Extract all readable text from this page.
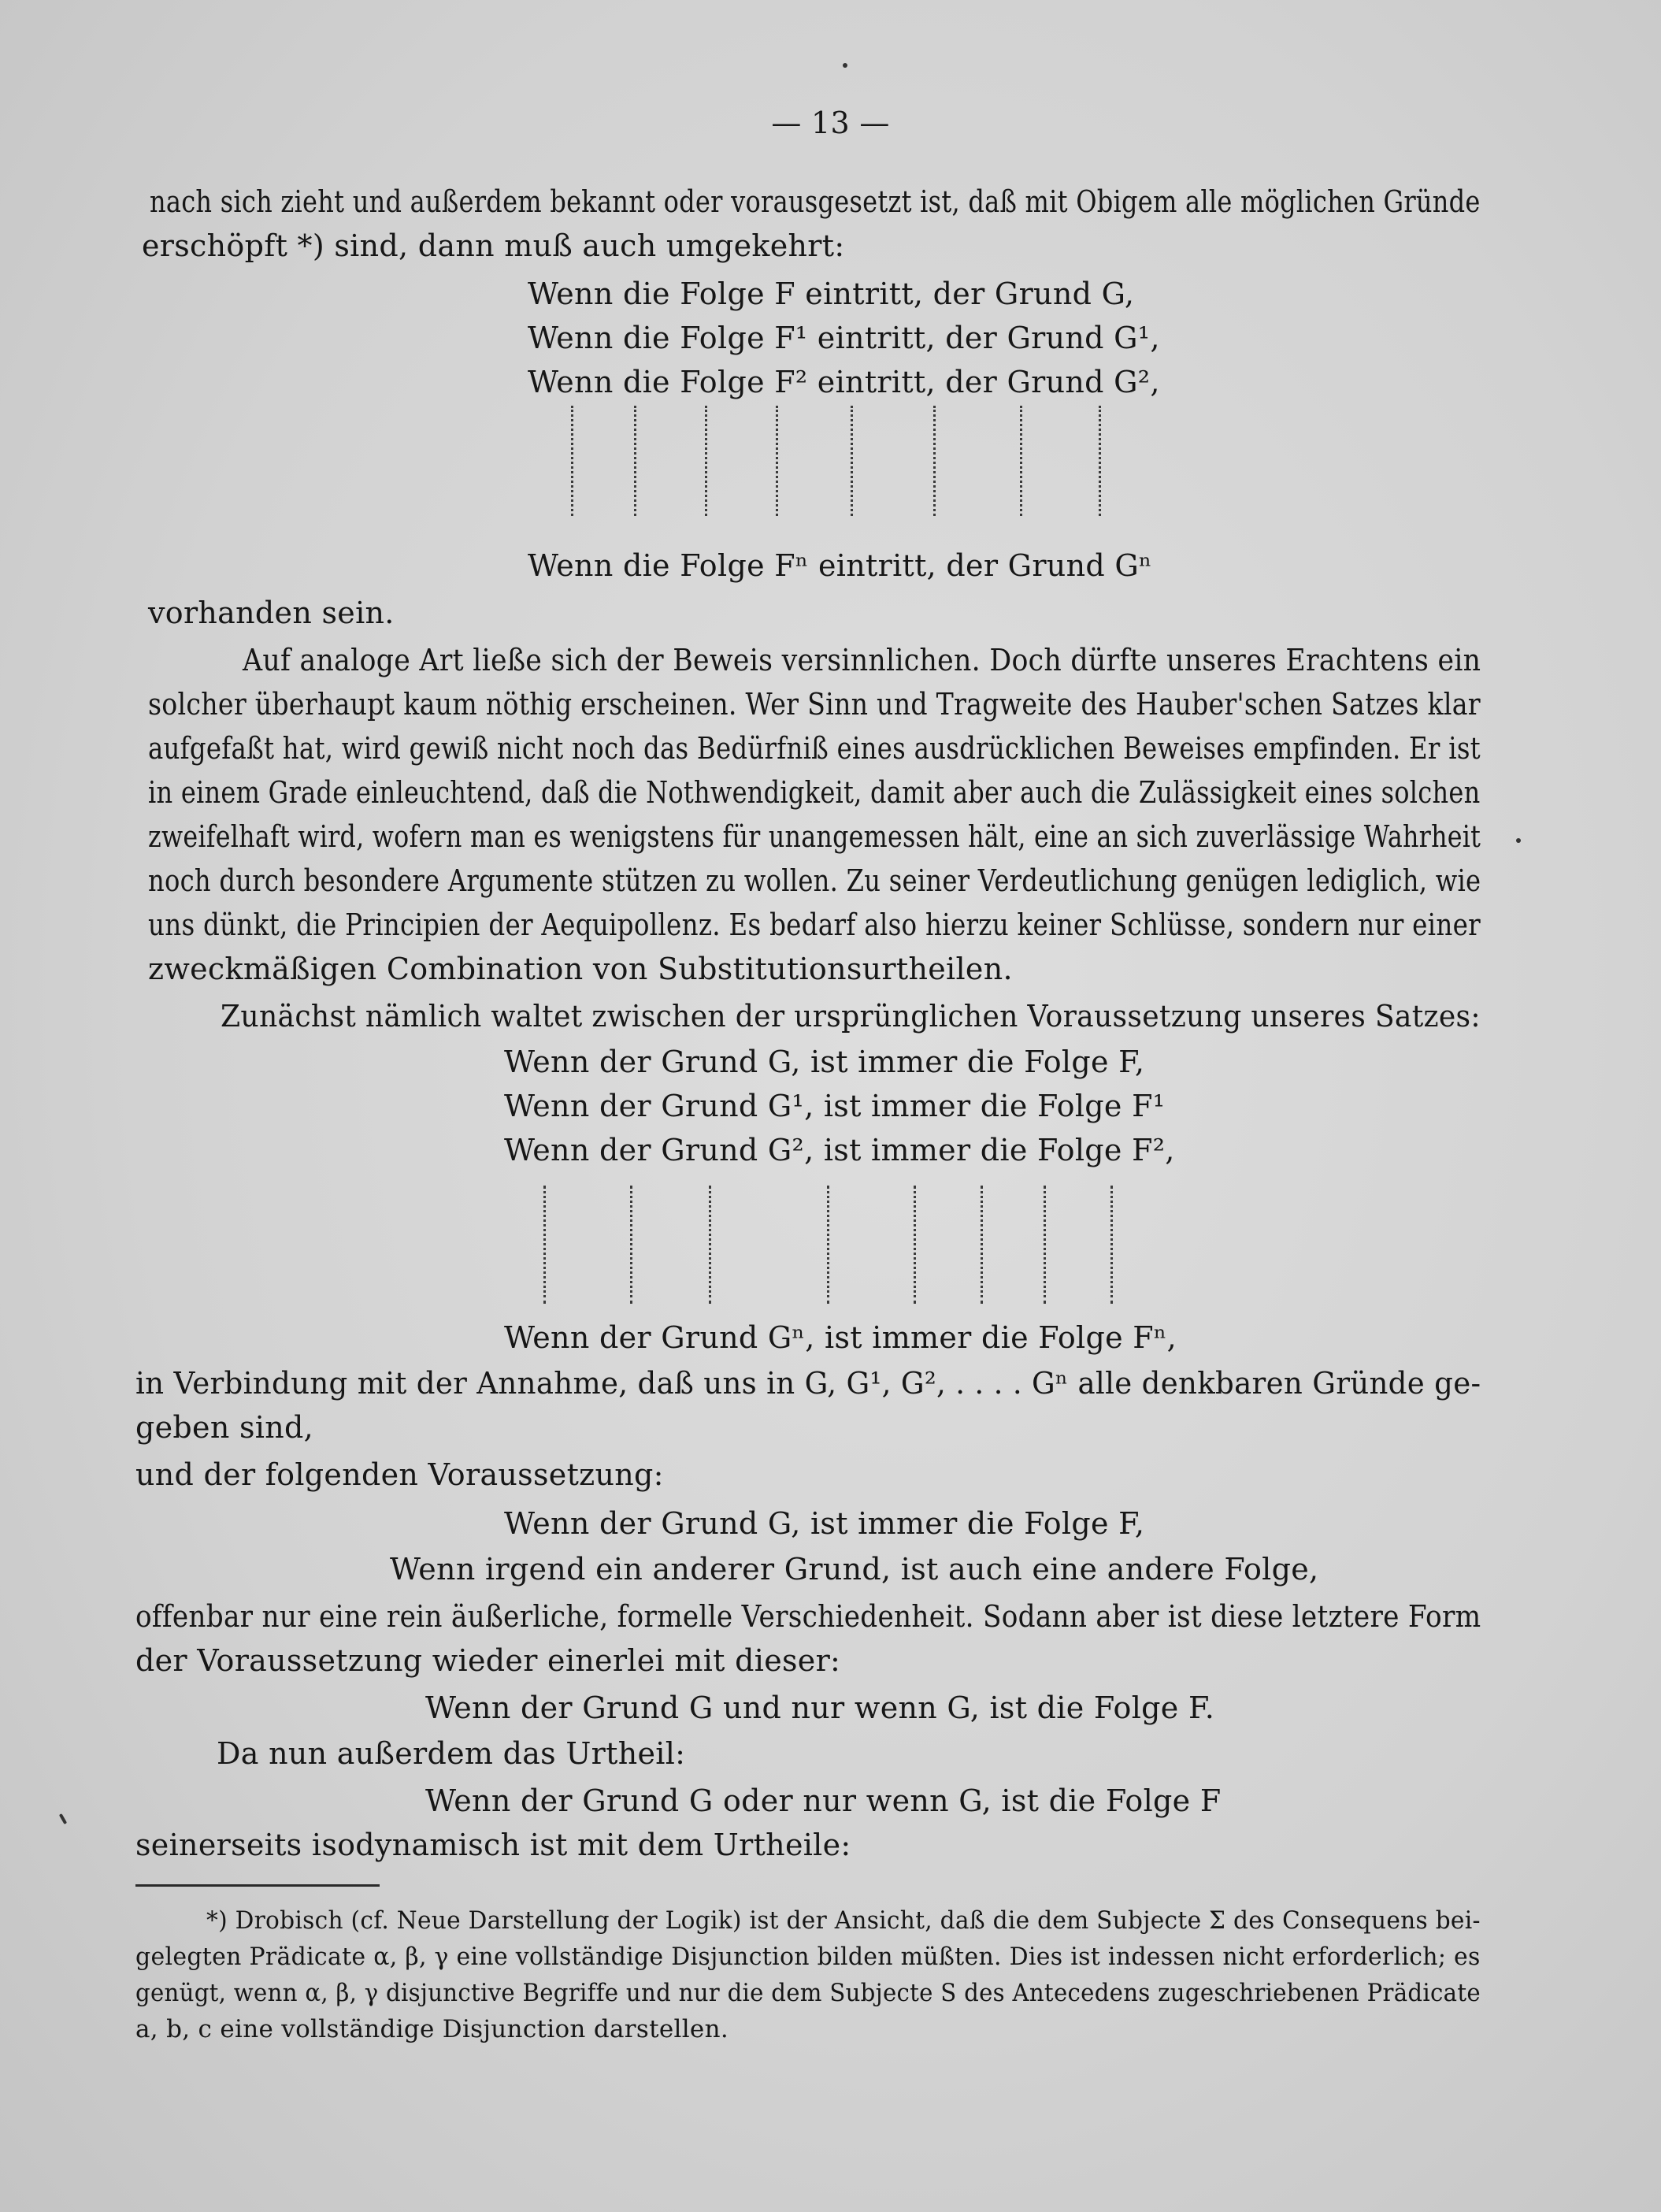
— 13 —
nach sich zieht und außerdem bekannt oder vorausgesetzt ist, daß mit Obigem alle möglichen Gründe
erschöpft *) sind, dann muß auch umgekehrt:
Wenn die Folge F eintritt, der Grund G,
Wenn die Folge F¹ eintritt, der Grund G¹,
Wenn die Folge F² eintritt, der Grund G²,
Wenn die Folge Fⁿ eintritt, der Grund Gⁿ
vorhanden sein.
Auf analoge Art ließe sich der Beweis versinnlichen. Doch dürfte unseres Erachtens ein
solcher überhaupt kaum nöthig erscheinen. Wer Sinn und Tragweite des Hauber'schen Satzes klar
aufgefaßt hat, wird gewiß nicht noch das Bedürfniß eines ausdrücklichen Beweises empfinden. Er ist
in einem Grade einleuchtend, daß die Nothwendigkeit, damit aber auch die Zulässigkeit eines solchen
zweifelhaft wird, wofern man es wenigstens für unangemessen hält, eine an sich zuverlässige Wahrheit
noch durch besondere Argumente stützen zu wollen. Zu seiner Verdeutlichung genügen lediglich, wie
uns dünkt, die Principien der Aequipollenz. Es bedarf also hierzu keiner Schlüsse, sondern nur einer
zweckmäßigen Combination von Substitutionsurtheilen.
Zunächst nämlich waltet zwischen der ursprünglichen Voraussetzung unseres Satzes:
Wenn der Grund G, ist immer die Folge F,
Wenn der Grund G¹, ist immer die Folge F¹
Wenn der Grund G², ist immer die Folge F²,
Wenn der Grund Gⁿ, ist immer die Folge Fⁿ,
in Verbindung mit der Annahme, daß uns in G, G¹, G², . . . . Gⁿ alle denkbaren Gründe ge-
geben sind,
und der folgenden Voraussetzung:
Wenn der Grund G, ist immer die Folge F,
Wenn irgend ein anderer Grund, ist auch eine andere Folge,
offenbar nur eine rein äußerliche, formelle Verschiedenheit. Sodann aber ist diese letztere Form
der Voraussetzung wieder einerlei mit dieser:
Wenn der Grund G und nur wenn G, ist die Folge F.
Da nun außerdem das Urtheil:
Wenn der Grund G oder nur wenn G, ist die Folge F
seinerseits isodynamisch ist mit dem Urtheile:
*) Drobisch (cf. Neue Darstellung der Logik) ist der Ansicht, daß die dem Subjecte Σ des Consequens bei-
gelegten Prädicate α, β, γ eine vollständige Disjunction bilden müßten. Dies ist indessen nicht erforderlich; es
genügt, wenn α, β, γ disjunctive Begriffe und nur die dem Subjecte S des Antecedens zugeschriebenen Prädicate
a, b, c eine vollständige Disjunction darstellen.
